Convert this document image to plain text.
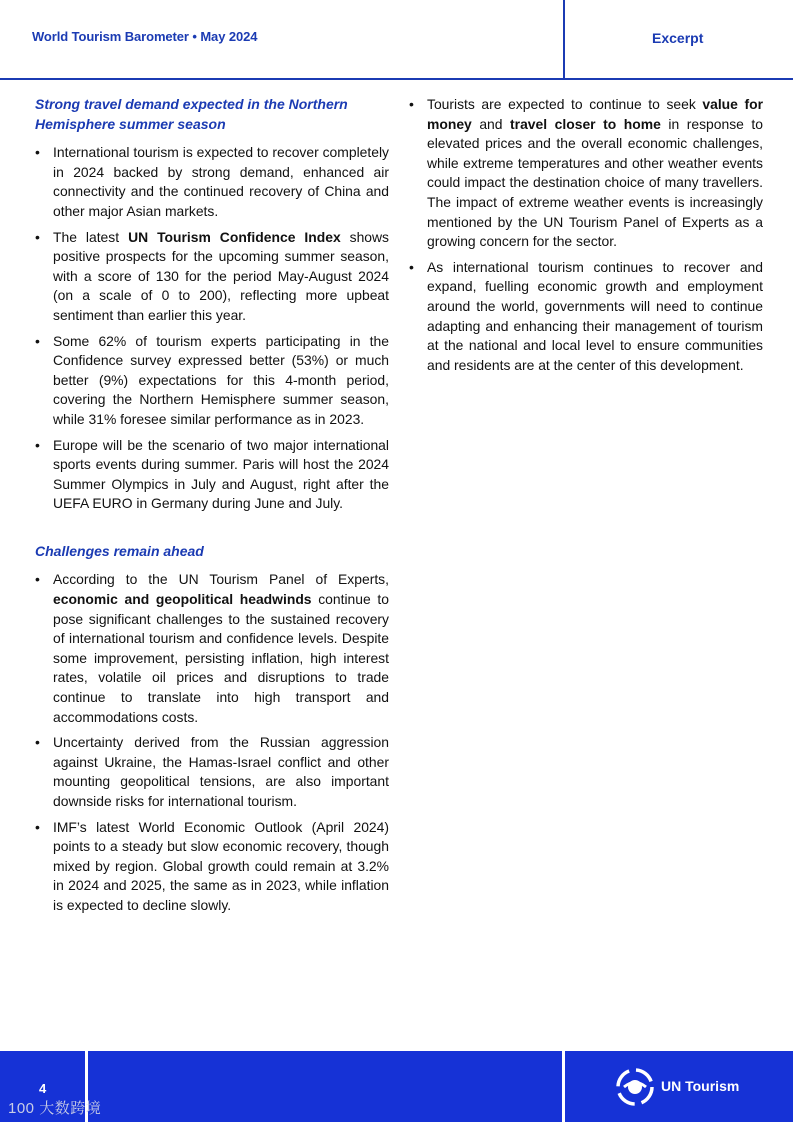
World Tourism Barometer • May 2024	Excerpt
Strong travel demand expected in the Northern Hemisphere summer season
• International tourism is expected to recover completely in 2024 backed by strong demand, enhanced air connectivity and the continued recovery of China and other major Asian markets.
• The latest UN Tourism Confidence Index shows positive prospects for the upcoming summer season, with a score of 130 for the period May-August 2024 (on a scale of 0 to 200), reflecting more upbeat sentiment than earlier this year.
• Some 62% of tourism experts participating in the Confidence survey expressed better (53%) or much better (9%) expectations for this 4-month period, covering the Northern Hemisphere summer season, while 31% foresee similar performance as in 2023.
• Europe will be the scenario of two major international sports events during summer. Paris will host the 2024 Summer Olympics in July and August, right after the UEFA EURO in Germany during June and July.
Challenges remain ahead
• According to the UN Tourism Panel of Experts, economic and geopolitical headwinds continue to pose significant challenges to the sustained recovery of international tourism and confidence levels. Despite some improvement, persisting inflation, high interest rates, volatile oil prices and disruptions to trade continue to translate into high transport and accommodations costs.
• Uncertainty derived from the Russian aggression against Ukraine, the Hamas-Israel conflict and other mounting geopolitical tensions, are also important downside risks for international tourism.
• IMF’s latest World Economic Outlook (April 2024) points to a steady but slow economic recovery, though mixed by region. Global growth could remain at 3.2% in 2024 and 2025, the same as in 2023, while inflation is expected to decline slowly.
• Tourists are expected to continue to seek value for money and travel closer to home in response to elevated prices and the overall economic challenges, while extreme temperatures and other weather events could impact the destination choice of many travellers. The impact of extreme weather events is increasingly mentioned by the UN Tourism Panel of Experts as a growing concern for the sector.
• As international tourism continues to recover and expand, fuelling economic growth and employment around the world, governments will need to continue adapting and enhancing their management of tourism at the national and local level to ensure communities and residents are at the center of this development.
4
100 大数跨境
UN Tourism
